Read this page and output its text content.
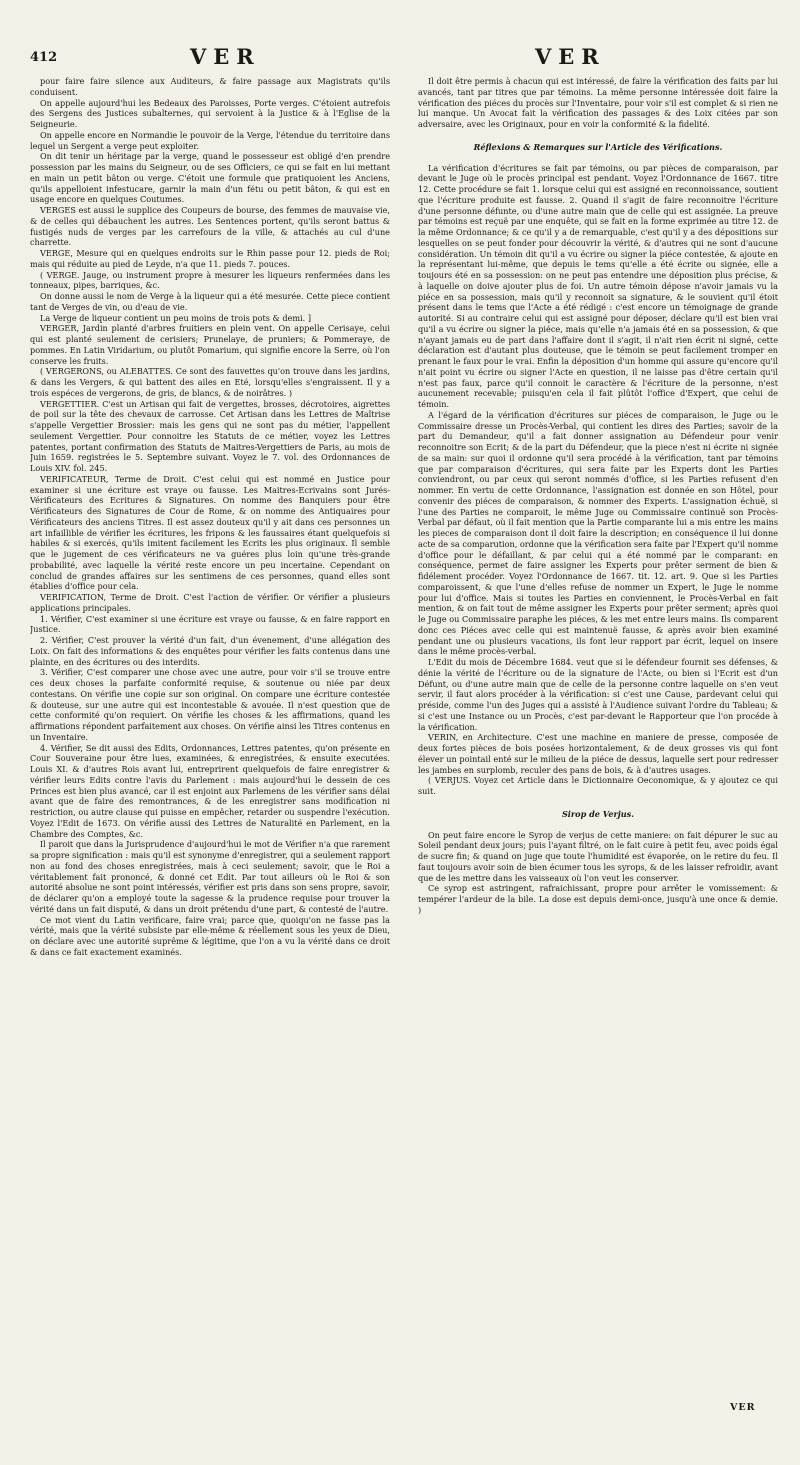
412	VER	VER

pour faire faire silence aux Auditeurs, & faire passage aux Magistrats qu'ils conduisent.

On appelle aujourd'hui les Bedeaux des Paroisses, Porte verges. C'étoient autrefois des Sergens des Justices subalternes, qui servoient à la Justice & à l'Eglise de la Seigneurie.

On appelle encore en Normandie le pouvoir de la Verge, l'étendue du territoire dans lequel un Sergent a verge peut exploiter.

On dit tenir un héritage par la verge, quand le possesseur est obligé d'en prendre possession par les mains du Seigneur, ou de ses Officiers, ce qui se fait en lui mettant en main un petit bâton ou verge. C'étoit une formule que pratiquoient les Anciens, qu'ils appelloient infestucare, garnir la main d'un fétu ou petit bâton, & qui est en usage encore en quelques Coutumes.

VERGES est aussi le supplice des Coupeurs de bourse, des femmes de mauvaise vie, & de celles qui débauchent les autres. Les Sentences portent, qu'ils seront battus & fustigés nuds de verges par les carrefours de la ville, & attachés au cul d'une charrette.

VERGE, Mesure qui en quelques endroits sur le Rhin passe pour 12. pieds de Roi; mais qui réduite au pied de Leyde, n'a que 11. pieds 7. pouces.

( VERGE. Jauge, ou instrument propre à mesurer les liqueurs renfermées dans les tonneaux, pipes, barriques, &c.

On donne aussi le nom de Verge à la liqueur qui a été mesurée. Cette piece contient tant de Verges de vin, ou d'eau de vie.

La Verge de liqueur contient un peu moins de trois pots & demi. ]

VERGER, Jardin planté d'arbres fruitiers en plein vent. On appelle Cerisaye, celui qui est planté seulement de cerisiers; Prunelaye, de pruniers; & Pommeraye, de pommes. En Latin Viridarium, ou plutôt Pomarium, qui signifie encore la Serre, où l'on conserve les fruits.

( VERGERONS, ou ALEBATTES. Ce sont des fauvettes qu'on trouve dans les jardins, & dans les Vergers, & qui battent des ailes en Eté, lorsqu'elles s'engraissent. Il y a trois espéces de vergerons, de gris, de blancs, & de noirâtres. )

VERGETTIER. C'est un Artisan qui fait de vergettes, brosses, décrotoires, aigrettes de poil sur la tête des chevaux de carrosse. Cet Artisan dans les Lettres de Maîtrise s'appelle Vergettier Brossier: mais les gens qui ne sont pas du métier, l'appellent seulement Vergettier. Pour connoitre les Statuts de ce métier, voyez les Lettres patentes, portant confirmation des Statuts de Maitres-Vergettiers de Paris, au mois de Juin 1659. registrées le 5. Septembre suivant. Voyez le 7. vol. des Ordonnances de Louis XIV. fol. 245.

VERIFICATEUR, Terme de Droit. C'est celui qui est nommé en Justice pour examiner si une écriture est vraye ou fausse. Les Maitres-Ecrivains sont Jurés-Vérificateurs des Ecritures & Signatures. On nomme des Banquiers pour être Vérificateurs des Signatures de Cour de Rome, & on nomme des Antiquaires pour Vérificateurs des anciens Titres. Il est assez douteux qu'il y ait dans ces personnes un art infaillible de vérifier les écritures, les fripons & les faussaires étant quelquefois si habiles & si exercés, qu'ils imitent facilement les Ecrits les plus originaux. Il semble que le jugement de ces vérificateurs ne va guéres plus loin qu'une très-grande probabilité, avec laquelle la vérité reste encore un peu incertaine. Cependant on conclud de grandes affaires sur les sentimens de ces personnes, quand elles sont établies d'office pour cela.

VERIFICATION, Terme de Droit. C'est l'action de vérifier. Or vérifier a plusieurs applications principales.

1. Vérifier, C'est examiner si une écriture est vraye ou fausse, & en faire rapport en Justice.

2. Vérifier, C'est prouver la vérité d'un fait, d'un évenement, d'une allégation des Loix. On fait des informations & des enquêtes pour vérifier les faits contenus dans une plainte, en des écritures ou des interdits.

3. Vérifier, C'est comparer une chose avec une autre, pour voir s'il se trouve entre ces deux choses la parfaite conformité requise, & soutenue ou niée par deux contestans. On vérifie une copie sur son original. On compare une écriture contestée & douteuse, sur une autre qui est incontestable & avouée. Il n'est question que de cette conformité qu'on requiert. On vérifie les choses & les affirmations, quand les affirmations répondent parfaitement aux choses. On vérifie ainsi les Titres contenus en un Inventaire.

4. Vérifier, Se dit aussi des Edits, Ordonnances, Lettres patentes, qu'on présente en Cour Souveraine pour être lues, examinées, & enregistrées, & ensuite executées. Louis XI. & d'autres Rois avant lui, entreprirent quelquefois de faire enregistrer & vérifier leurs Edits contre l'avis du Parlement : mais aujourd'hui le dessein de ces Princes est bien plus avancé, car il est enjoint aux Parlemens de les vérifier sans délai avant que de faire des remontrances, & de les enregistrer sans modification ni restriction, ou autre clause qui puisse en empêcher, retarder ou suspendre l'exécution. Voyez l'Edit de 1673. On vérifie aussi des Lettres de Naturalité en Parlement, en la Chambre des Comptes, &c.

Il paroit que dans la Jurisprudence d'aujourd'hui le mot de Vérifier n'a que rarement sa propre signification : mais qu'il est synonyme d'enregistrer, qui a seulement rapport non au fond des choses enregistrées, mais à ceci seulement; savoir, que le Roi a véritablement fait prononcé, & donné cet Edit. Par tout ailleurs où le Roi & son autorité absolue ne sont point intéressés, vérifier est pris dans son sens propre, savoir, de déclarer qu'on a employé toute la sagesse & la prudence requise pour trouver la vérité dans un fait disputé, & dans un droit prétendu d'une part, & contesté de l'autre.

Ce mot vient du Latin verificare, faire vrai; parce que, quoiqu'on ne fasse pas la vérité, mais que la vérité subsiste par elle-même & réellement sous les yeux de Dieu, on déclare avec une autorité suprême & légitime, que l'on a vu la vérité dans ce droit & dans ce fait exactement examinés.

Il doit être permis à chacun qui est intéressé, de faire la vérification des faits par lui avancés, tant par titres que par témoins. La même personne intéressée doit faire la vérification des piéces du procès sur l'Inventaire, pour voir s'il est complet & si rien ne lui manque. Un Avocat fait la vérification des passages & des Loix citées par son adversaire, avec les Originaux, pour en voir la conformité & la fidelité.

Réflexions & Remarques sur l'Article des Vérifications.

La vérification d'écritures se fait par témoins, ou par pièces de comparaison, par devant le Juge où le procès principal est pendant. Voyez l'Ordonnance de 1667. titre 12. Cette procédure se fait 1. lorsque celui qui est assigné en reconnoissance, soutient que l'écriture produite est fausse. 2. Quand il s'agit de faire reconnoitre l'écriture d'une personne défunte, ou d'une autre main que de celle qui est assignée. La preuve par témoins est reçuë par une enquête, qui se fait en la forme exprimée au titre 12. de la même Ordonnance; & ce qu'il y a de remarquable, c'est qu'il y a des dépositions sur lesquelles on se peut fonder pour découvrir la vérité, & d'autres qui ne sont d'aucune considération. Un témoin dit qu'il a vu écrire ou signer la piéce contestée, & ajoute en la représentant lui-même, que depuis le tems qu'elle a été écrite ou signée, elle a toujours été en sa possession: on ne peut pas entendre une déposition plus précise, & à laquelle on doive ajouter plus de foi. Un autre témoin dépose n'avoir jamais vu la piéce en sa possession, mais qu'il y reconnoit sa signature, & le souvient qu'il étoit présent dans le tems que l'Acte a été rédigé : c'est encore un témoignage de grande autorité. Si au contraire celui qui est assigné pour déposer, déclare qu'il est bien vrai qu'il a vu écrire ou signer la piéce, mais qu'elle n'a jamais été en sa possession, & que n'ayant jamais eu de part dans l'affaire dont il s'agit, il n'ait rien écrit ni signé, cette déclaration est d'autant plus douteuse, que le témoin se peut facilement tromper en prenant le faux pour le vrai. Enfin la déposition d'un homme qui assure qu'encore qu'il n'ait point vu écrire ou signer l'Acte en question, il ne laisse pas d'être certain qu'il n'est pas faux, parce qu'il connoit le caractère & l'écriture de la personne, n'est aucunement recevable; puisqu'en cela il fait plûtôt l'office d'Expert, que celui de témoin.

A l'égard de la vérification d'écritures sur piéces de comparaison, le Juge ou le Commissaire dresse un Procès-Verbal, qui contient les dires des Parties; savoir de la part du Demandeur, qu'il a fait donner assignation au Défendeur pour venir reconnoitre son Ecrit; & de la part du Défendeur, que la piece n'est ni écrite ni signée de sa main: sur quoi il ordonne qu'il sera procédé à la vérification, tant par témoins que par comparaison d'écritures, qui sera faite par les Experts dont les Parties conviendront, ou par ceux qui seront nommés d'office, si les Parties refusent d'en nommer. En vertu de cette Ordonnance, l'assignation est donnée en son Hôtel, pour convenir des piéces de comparaison, & nommer des Experts. L'assignation échuë, si l'une des Parties ne comparoit, le même Juge ou Commissaire continuë son Procès-Verbal par défaut, où il fait mention que la Partie comparante lui a mis entre les mains les pieces de comparaison dont il doit faire la description; en conséquence il lui donne acte de sa comparution, ordonne que la vérification sera faite par l'Expert qu'il nomme d'office pour le défaillant, & par celui qui a été nommé par le comparant: en conséquence, permet de faire assigner les Experts pour prêter serment de bien & fidélement procéder. Voyez l'Ordonnance de 1667. tit. 12. art. 9. Que si les Parties comparoissent, & que l'une d'elles refuse de nommer un Expert, le Juge le nomme pour lui d'office. Mais si toutes les Parties en conviennent, le Procès-Verbal en fait mention, & on fait tout de même assigner les Experts pour prêter serment; après quoi le Juge ou Commissaire paraphe les piéces, & les met entre leurs mains. Ils comparent donc ces Piéces avec celle qui est maintenuë fausse, & après avoir bien examiné pendant une ou plusieurs vacations, ils font leur rapport par écrit, lequel on insere dans le même procès-verbal.

L'Edit du mois de Décembre 1684. veut que si le défendeur fournit ses défenses, & dénie la vérité de l'écriture ou de la signature de l'Acte, ou bien si l'Ecrit est d'un Défunt, ou d'une autre main que de celle de la personne contre laquelle on s'en veut servir, il faut alors procéder à la vérification: si c'est une Cause, pardevant celui qui préside, comme l'un des Juges qui a assisté à l'Audience suivant l'ordre du Tableau; & si c'est une Instance ou un Procès, c'est par-devant le Rapporteur que l'on procéde à la vérification.

VERIN, en Architecture. C'est une machine en maniere de presse, composée de deux fortes pièces de bois posées horizontalement, & de deux grosses vis qui font élever un pointail enté sur le milieu de la piéce de dessus, laquelle sert pour redresser les jambes en surplomb, reculer des pans de bois, & à d'autres usages.

( VERJUS. Voyez cet Article dans le Dictionnaire Oeconomique, & y ajoutez ce qui suit.

Sirop de Verjus.

On peut faire encore le Syrop de verjus de cette maniere: on fait dépurer le suc au Soleil pendant deux jours; puis l'ayant filtré, on le fait cuire à petit feu, avec poids égal de sucre fin; & quand on juge que toute l'humidité est évaporée, on le retire du feu. Il faut toujours avoir soin de bien écumer tous les syrops, & de les laisser refroidir, avant que de les mettre dans les vaisseaux où l'on veut les conserver.

Ce syrop est astringent, rafraichissant, propre pour arrêter le vomissement: & tempérer l'ardeur de la bile. La dose est depuis demi-once, jusqu'à une once & demie. )

VER
